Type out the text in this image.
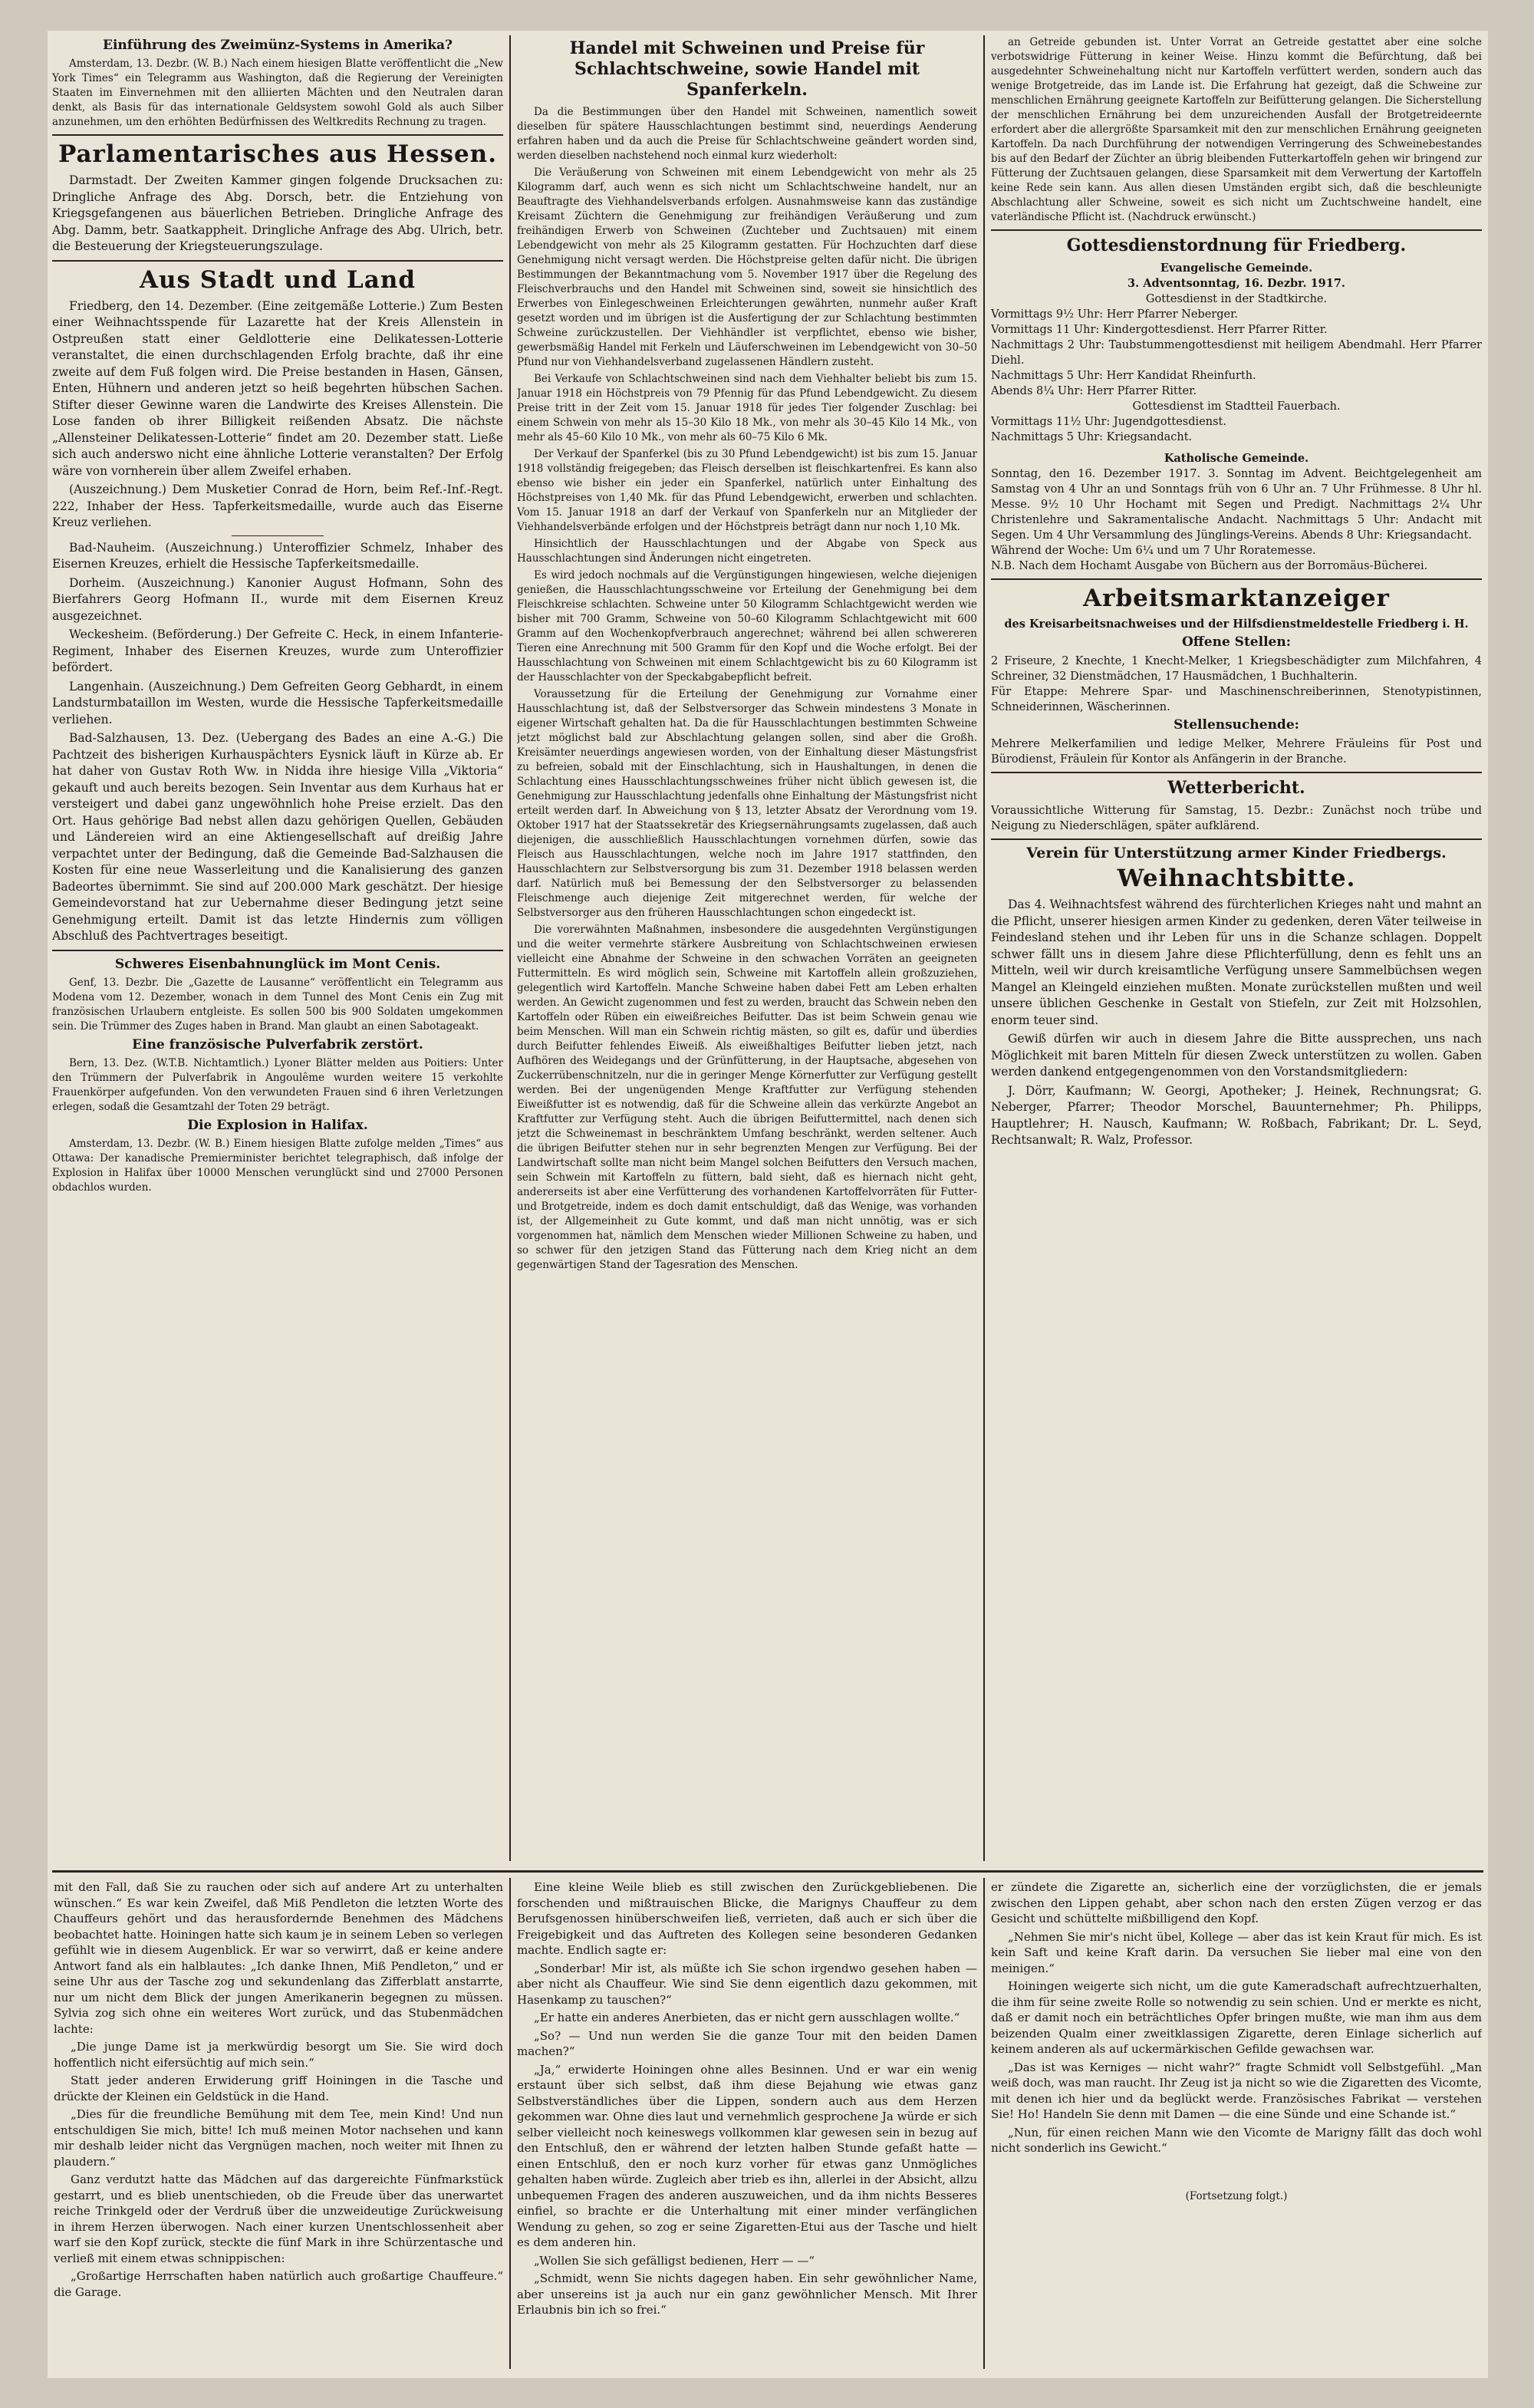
Einführung des Zweimünz-Systems in Amerika?

Amsterdam, 13. Dezbr. (W. B.) Nach einem hiesigen Blatte veröffentlicht die „New York Times“ ein Telegramm aus Washington, daß die Regierung der Vereinigten Staaten im Einvernehmen mit den alliierten Mächten und den Neutralen daran denkt, als Basis für das internationale Geldsystem sowohl Gold als auch Silber anzunehmen, um den erhöhten Bedürfnissen des Weltkredits Rechnung zu tragen.

Parlamentarisches aus Hessen.

Darmstadt. Der Zweiten Kammer gingen folgende Drucksachen zu: Dringliche Anfrage des Abg. Dorsch, betr. die Entziehung von Kriegsgefangenen aus bäuerlichen Betrieben. Dringliche Anfrage des Abg. Damm, betr. Saatkappheit. Dringliche Anfrage des Abg. Ulrich, betr. die Besteuerung der Kriegsteuerungszulage.

Aus Stadt und Land

Friedberg, den 14. Dezember. (Eine zeitgemäße Lotterie.) Zum Besten einer Weihnachtsspende für Lazarette hat der Kreis Allenstein in Ostpreußen statt einer Geldlotterie eine Delikatessen-Lotterie veranstaltet, die einen durchschlagenden Erfolg brachte, daß ihr eine zweite auf dem Fuß folgen wird. Die Preise bestanden in Hasen, Gänsen, Enten, Hühnern und anderen jetzt so heiß begehrten hübschen Sachen. Stifter dieser Gewinne waren die Landwirte des Kreises Allenstein. Die Lose fanden ob ihrer Billigkeit reißenden Absatz. Die nächste „Allensteiner Delikatessen-Lotterie“ findet am 20. Dezember statt. Ließe sich auch anderswo nicht eine ähnliche Lotterie veranstalten? Der Erfolg wäre von vornherein über allem Zweifel erhaben.

(Auszeichnung.) Dem Musketier Conrad de Horn, beim Ref.-Inf.-Regt. 222, Inhaber der Hess. Tapferkeitsmedaille, wurde auch das Eiserne Kreuz verliehen.

Bad-Nauheim. (Auszeichnung.) Unteroffizier Schmelz, Inhaber des Eisernen Kreuzes, erhielt die Hessische Tapferkeitsmedaille.

Dorheim. (Auszeichnung.) Kanonier August Hofmann, Sohn des Bierfahrers Georg Hofmann II., wurde mit dem Eisernen Kreuz ausgezeichnet.

Weckesheim. (Beförderung.) Der Gefreite C. Heck, in einem Infanterie-Regiment, Inhaber des Eisernen Kreuzes, wurde zum Unteroffizier befördert.

Langenhain. (Auszeichnung.) Dem Gefreiten Georg Gebhardt, in einem Landsturmbataillon im Westen, wurde die Hessische Tapferkeitsmedaille verliehen.

Bad-Salzhausen, 13. Dez. (Uebergang des Bades an eine A.-G.) Die Pachtzeit des bisherigen Kurhauspächters Eysnick läuft in Kürze ab. Er hat daher von Gustav Roth Ww. in Nidda ihre hiesige Villa „Viktoria“ gekauft und auch bereits bezogen. Sein Inventar aus dem Kurhaus hat er versteigert und dabei ganz ungewöhnlich hohe Preise erzielt. Das den Ort. Haus gehörige Bad nebst allen dazu gehörigen Quellen, Gebäuden und Ländereien wird an eine Aktiengesellschaft auf dreißig Jahre verpachtet unter der Bedingung, daß die Gemeinde Bad-Salzhausen die Kosten für eine neue Wasserleitung und die Kanalisierung des ganzen Badeortes übernimmt. Sie sind auf 200.000 Mark geschätzt. Der hiesige Gemeindevorstand hat zur Uebernahme dieser Bedingung jetzt seine Genehmigung erteilt. Damit ist das letzte Hindernis zum völligen Abschluß des Pachtvertrages beseitigt.

Schweres Eisenbahnunglück im Mont Cenis.

Genf, 13. Dezbr. Die „Gazette de Lausanne“ veröffentlicht ein Telegramm aus Modena vom 12. Dezember, wonach in dem Tunnel des Mont Cenis ein Zug mit französischen Urlaubern entgleiste. Es sollen 500 bis 900 Soldaten umgekommen sein. Die Trümmer des Zuges haben in Brand. Man glaubt an einen Sabotageakt.

Eine französische Pulverfabrik zerstört.

Bern, 13. Dez. (W.T.B. Nichtamtlich.) Lyoner Blätter melden aus Poitiers: Unter den Trümmern der Pulverfabrik in Angoulême wurden weitere 15 verkohlte Frauenkörper aufgefunden. Von den verwundeten Frauen sind 6 ihren Verletzungen erlegen, sodaß die Gesamtzahl der Toten 29 beträgt.

Die Explosion in Halifax.

Amsterdam, 13. Dezbr. (W. B.) Einem hiesigen Blatte zufolge melden „Times“ aus Ottawa: Der kanadische Premierminister berichtet telegraphisch, daß infolge der Explosion in Halifax über 10000 Menschen verunglückt sind und 27000 Personen obdachlos wurden.

Handel mit Schweinen und Preise für Schlachtschweine, sowie Handel mit Spanferkeln.

Da die Bestimmungen über den Handel mit Schweinen, namentlich soweit dieselben für spätere Hausschlachtungen bestimmt sind, neuerdings Aenderung erfahren haben und da auch die Preise für Schlachtschweine geändert worden sind, werden dieselben nachstehend noch einmal kurz wiederholt:

Die Veräußerung von Schweinen mit einem Lebendgewicht von mehr als 25 Kilogramm darf, auch wenn es sich nicht um Schlachtschweine handelt, nur an Beauftragte des Viehhandelsverbands erfolgen. Ausnahmsweise kann das zuständige Kreisamt Züchtern die Genehmigung zur freihändigen Veräußerung und zum freihändigen Erwerb von Schweinen (Zuchteber und Zuchtsauen) mit einem Lebendgewicht von mehr als 25 Kilogramm gestatten. Für Hochzuchten darf diese Genehmigung nicht versagt werden. Die Höchstpreise gelten dafür nicht. Die übrigen Bestimmungen der Bekanntmachung vom 5. November 1917 über die Regelung des Fleischverbrauchs und den Handel mit Schweinen sind, soweit sie hinsichtlich des Erwerbes von Einlegeschweinen Erleichterungen gewährten, nunmehr außer Kraft gesetzt worden und im übrigen ist die Ausfertigung der zur Schlachtung bestimmten Schweine zurückzustellen. Der Viehhändler ist verpflichtet, ebenso wie bisher, gewerbsmäßig Handel mit Ferkeln und Läuferschweinen im Lebendgewicht von 30–50 Pfund nur von Viehhandelsverband zugelassenen Händlern zusteht.

Bei Verkaufe von Schlachtschweinen sind nach dem Viehhalter beliebt bis zum 15. Januar 1918 ein Höchstpreis von 79 Pfennig für das Pfund Lebendgewicht. Zu diesem Preise tritt in der Zeit vom 15. Januar 1918 für jedes Tier folgender Zuschlag: bei einem Schwein von mehr als 15–30 Kilo 18 Mk., von mehr als 30–45 Kilo 14 Mk., von mehr als 45–60 Kilo 10 Mk., von mehr als 60–75 Kilo 6 Mk.

Der Verkauf der Spanferkel (bis zu 30 Pfund Lebendgewicht) ist bis zum 15. Januar 1918 vollständig freigegeben; das Fleisch derselben ist fleischkartenfrei. Es kann also ebenso wie bisher ein jeder ein Spanferkel, natürlich unter Einhaltung des Höchstpreises von 1,40 Mk. für das Pfund Lebendgewicht, erwerben und schlachten. Vom 15. Januar 1918 an darf der Verkauf von Spanferkeln nur an Mitglieder der Viehhandelsverbände erfolgen und der Höchstpreis beträgt dann nur noch 1,10 Mk.

Hinsichtlich der Hausschlachtungen und der Abgabe von Speck aus Hausschlachtungen sind Änderungen nicht eingetreten.

Es wird jedoch nochmals auf die Vergünstigungen hingewiesen, welche diejenigen genießen, die Hausschlachtungsschweine vor Erteilung der Genehmigung bei dem Fleischkreise schlachten. Schweine unter 50 Kilogramm Schlachtgewicht werden wie bisher mit 700 Gramm, Schweine von 50–60 Kilogramm Schlachtgewicht mit 600 Gramm auf den Wochenkopfverbrauch angerechnet; während bei allen schwereren Tieren eine Anrechnung mit 500 Gramm für den Kopf und die Woche erfolgt. Bei der Hausschlachtung von Schweinen mit einem Schlachtgewicht bis zu 60 Kilogramm ist der Hausschlachter von der Speckabgabepflicht befreit.

Voraussetzung für die Erteilung der Genehmigung zur Vornahme einer Hausschlachtung ist, daß der Selbstversorger das Schwein mindestens 3 Monate in eigener Wirtschaft gehalten hat. Da die für Hausschlachtungen bestimmten Schweine jetzt möglichst bald zur Abschlachtung gelangen sollen, sind aber die Großh. Kreisämter neuerdings angewiesen worden, von der Einhaltung dieser Mästungsfrist zu befreien, sobald mit der Einschlachtung, sich in Haushaltungen, in denen die Schlachtung eines Hausschlachtungsschweines früher nicht üblich gewesen ist, die Genehmigung zur Hausschlachtung jedenfalls ohne Einhaltung der Mästungsfrist nicht erteilt werden darf. In Abweichung von § 13, letzter Absatz der Verordnung vom 19. Oktober 1917 hat der Staatssekretär des Kriegsernährungsamts zugelassen, daß auch diejenigen, die ausschließlich Hausschlachtungen vornehmen dürfen, sowie das Fleisch aus Hausschlachtungen, welche noch im Jahre 1917 stattfinden, den Hausschlachtern zur Selbstversorgung bis zum 31. Dezember 1918 belassen werden darf. Natürlich muß bei Bemessung der den Selbstversorger zu belassenden Fleischmenge auch diejenige Zeit mitgerechnet werden, für welche der Selbstversorger aus den früheren Hausschlachtungen schon eingedeckt ist.

Die vorerwähnten Maßnahmen, insbesondere die ausgedehnten Vergünstigungen und die weiter vermehrte stärkere Ausbreitung von Schlachtschweinen erwiesen vielleicht eine Abnahme der Schweine in den schwachen Vorräten an geeigneten Futtermitteln. Es wird möglich sein, Schweine mit Kartoffeln allein großzuziehen, gelegentlich wird Kartoffeln. Manche Schweine haben dabei Fett am Leben erhalten werden. An Gewicht zugenommen und fest zu werden, braucht das Schwein neben den Kartoffeln oder Rüben ein eiweißreiches Beifutter. Das ist beim Schwein genau wie beim Menschen. Will man ein Schwein richtig mästen, so gilt es, dafür und überdies durch Beifutter fehlendes Eiweiß. Als eiweißhaltiges Beifutter lieben jetzt, nach Aufhören des Weidegangs und der Grünfütterung, in der Hauptsache, abgesehen von Zuckerrübenschnitzeln, nur die in geringer Menge Körnerfutter zur Verfügung gestellt werden. Bei der ungenügenden Menge Kraftfutter zur Verfügung stehenden Eiweißfutter ist es notwendig, daß für die Schweine allein das verkürzte Angebot an Kraftfutter zur Verfügung steht. Auch die übrigen Beifuttermittel, nach denen sich jetzt die Schweinemast in beschränktem Umfang beschränkt, werden seltener. Auch die übrigen Beifutter stehen nur in sehr begrenzten Mengen zur Verfügung. Bei der Landwirtschaft sollte man nicht beim Mangel solchen Beifutters den Versuch machen, sein Schwein mit Kartoffeln zu füttern, bald sieht, daß es hiernach nicht geht, andererseits ist aber eine Verfütterung des vorhandenen Kartoffelvorräten für Futter- und Brotgetreide, indem es doch damit entschuldigt, daß das Wenige, was vorhanden ist, der Allgemeinheit zu Gute kommt, und daß man nicht unnötig, was er sich vorgenommen hat, nämlich dem Menschen wieder Millionen Schweine zu haben, und so schwer für den jetzigen Stand das Fütterung nach dem Krieg nicht an dem gegenwärtigen Stand der Tagesration des Menschen.

an Getreide gebunden ist. Unter Vorrat an Getreide gestattet aber eine solche verbotswidrige Fütterung in keiner Weise. Hinzu kommt die Befürchtung, daß bei ausgedehnter Schweinehaltung nicht nur Kartoffeln verfüttert werden, sondern auch das wenige Brotgetreide, das im Lande ist. Die Erfahrung hat gezeigt, daß die Schweine zur menschlichen Ernährung geeignete Kartoffeln zur Beifütterung gelangen. Die Sicherstellung der menschlichen Ernährung bei dem unzureichenden Ausfall der Brotgetreideernte erfordert aber die allergrößte Sparsamkeit mit den zur menschlichen Ernährung geeigneten Kartoffeln. Da nach Durchführung der notwendigen Verringerung des Schweinebestandes bis auf den Bedarf der Züchter an übrig bleibenden Futterkartoffeln gehen wir bringend zur Fütterung der Zuchtsauen gelangen, diese Sparsamkeit mit dem Verwertung der Kartoffeln keine Rede sein kann. Aus allen diesen Umständen ergibt sich, daß die beschleunigte Abschlachtung aller Schweine, soweit es sich nicht um Zuchtschweine handelt, eine vaterländische Pflicht ist. (Nachdruck erwünscht.)

Gottesdienstordnung für Friedberg.
Evangelische Gemeinde.
3. Adventsonntag, 16. Dezbr. 1917.
Gottesdienst in der Stadtkirche.
Vormittags 9½ Uhr: Herr Pfarrer Neberger.
Vormittags 11 Uhr: Kindergottesdienst. Herr Pfarrer Ritter.
Nachmittags 2 Uhr: Taubstummengottesdienst mit heiligem Abendmahl. Herr Pfarrer Diehl.
Nachmittags 5 Uhr: Herr Kandidat Rheinfurth.
Abends 8¼ Uhr: Herr Pfarrer Ritter.
Gottesdienst im Stadtteil Fauerbach.
Vormittags 11½ Uhr: Jugendgottesdienst.
Nachmittags 5 Uhr: Kriegsandacht.
Katholische Gemeinde.
Sonntag, den 16. Dezember 1917. 3. Sonntag im Advent. Beichtgelegenheit am Samstag von 4 Uhr an und Sonntags früh von 6 Uhr an. 7 Uhr Frühmesse. 8 Uhr hl. Messe. 9½ 10 Uhr Hochamt mit Segen und Predigt. Nachmittags 2¼ Uhr Christenlehre und Sakramentalische Andacht. Nachmittags 5 Uhr: Andacht mit Segen. Um 4 Uhr Versammlung des Jünglings-Vereins. Abends 8 Uhr: Kriegsandacht.
Während der Woche: Um 6¼ und um 7 Uhr Roratemesse.
N.B. Nach dem Hochamt Ausgabe von Büchern aus der Borromäus-Bücherei.
Arbeitsmarktanzeiger
des Kreisarbeitsnachweises und der Hilfsdienstmeldestelle Friedberg i. H.
Offene Stellen:
2 Friseure, 2 Knechte, 1 Knecht-Melker, 1 Kriegsbeschädigter zum Milchfahren, 4 Schreiner, 32 Dienstmädchen, 17 Hausmädchen, 1 Buchhalterin.
Für Etappe: Mehrere Spar- und Maschinenschreiberinnen, Stenotypistinnen, Schneiderinnen, Wäscherinnen.
Stellensuchende:
Mehrere Melkerfamilien und ledige Melker, Mehrere Fräuleins für Post und Bürodienst, Fräulein für Kontor als Anfängerin in der Branche.
Wetterbericht.
Voraussichtliche Witterung für Samstag, 15. Dezbr.: Zunächst noch trübe und Neigung zu Niederschlägen, später aufklärend.
Verein für Unterstützung armer Kinder Friedbergs.
Weihnachtsbitte.

Das 4. Weihnachtsfest während des fürchterlichen Krieges naht und mahnt an die Pflicht, unserer hiesigen armen Kinder zu gedenken, deren Väter teilweise in Feindesland stehen und ihr Leben für uns in die Schanze schlagen. Doppelt schwer fällt uns in diesem Jahre diese Pflichterfüllung, denn es fehlt uns an Mitteln, weil wir durch kreisamtliche Verfügung unsere Sammelbüchsen wegen Mangel an Kleingeld einziehen mußten. Monate zurückstellen mußten und weil unsere üblichen Geschenke in Gestalt von Stiefeln, zur Zeit mit Holzsohlen, enorm teuer sind.

Gewiß dürfen wir auch in diesem Jahre die Bitte aussprechen, uns nach Möglichkeit mit baren Mitteln für diesen Zweck unterstützen zu wollen. Gaben werden dankend entgegengenommen von den Vorstandsmitgliedern:

J. Dörr, Kaufmann; W. Georgi, Apotheker; J. Heinek, Rechnungsrat; G. Neberger, Pfarrer; Theodor Morschel, Bauunternehmer; Ph. Philipps, Hauptlehrer; H. Nausch, Kaufmann; W. Roßbach, Fabrikant; Dr. L. Seyd, Rechtsanwalt; R. Walz, Professor.

mit den Fall, daß Sie zu rauchen oder sich auf andere Art zu unterhalten wünschen.“ Es war kein Zweifel, daß Miß Pendleton die letzten Worte des Chauffeurs gehört und das herausfordernde Benehmen des Mädchens beobachtet hatte. Hoiningen hatte sich kaum je in seinem Leben so verlegen gefühlt wie in diesem Augenblick. Er war so verwirrt, daß er keine andere Antwort fand als ein halblautes: „Ich danke Ihnen, Miß Pendleton,“ und er seine Uhr aus der Tasche zog und sekundenlang das Zifferblatt anstarrte, nur um nicht dem Blick der jungen Amerikanerin begegnen zu müssen. Sylvia zog sich ohne ein weiteres Wort zurück, und das Stubenmädchen lachte:

„Die junge Dame ist ja merkwürdig besorgt um Sie. Sie wird doch hoffentlich nicht eifersüchtig auf mich sein.“

Statt jeder anderen Erwiderung griff Hoiningen in die Tasche und drückte der Kleinen ein Geldstück in die Hand.

„Dies für die freundliche Bemühung mit dem Tee, mein Kind! Und nun entschuldigen Sie mich, bitte! Ich muß meinen Motor nachsehen und kann mir deshalb leider nicht das Vergnügen machen, noch weiter mit Ihnen zu plaudern.“

Ganz verdutzt hatte das Mädchen auf das dargereichte Fünfmarkstück gestarrt, und es blieb unentschieden, ob die Freude über das unerwartet reiche Trinkgeld oder der Verdruß über die unzweideutige Zurückweisung in ihrem Herzen überwogen. Nach einer kurzen Unentschlossenheit aber warf sie den Kopf zurück, steckte die fünf Mark in ihre Schürzentasche und verließ mit einem etwas schnippischen:

„Großartige Herrschaften haben natürlich auch großartige Chauffeure.“ die Garage.

Eine kleine Weile blieb es still zwischen den Zurückgebliebenen. Die forschenden und mißtrauischen Blicke, die Marignys Chauffeur zu dem Berufsgenossen hinüberschweifen ließ, verrieten, daß auch er sich über die Freigebigkeit und das Auftreten des Kollegen seine besonderen Gedanken machte. Endlich sagte er:

„Sonderbar! Mir ist, als müßte ich Sie schon irgendwo gesehen haben — aber nicht als Chauffeur. Wie sind Sie denn eigentlich dazu gekommen, mit Hasenkamp zu tauschen?“

„Er hatte ein anderes Anerbieten, das er nicht gern ausschlagen wollte.“

„So? — Und nun werden Sie die ganze Tour mit den beiden Damen machen?“

„Ja,“ erwiderte Hoiningen ohne alles Besinnen. Und er war ein wenig erstaunt über sich selbst, daß ihm diese Bejahung wie etwas ganz Selbstverständliches über die Lippen, sondern auch aus dem Herzen gekommen war. Ohne dies laut und vernehmlich gesprochene Ja würde er sich selber vielleicht noch keineswegs vollkommen klar gewesen sein in bezug auf den Entschluß, den er während der letzten halben Stunde gefaßt hatte — einen Entschluß, den er noch kurz vorher für etwas ganz Unmögliches gehalten haben würde. Zugleich aber trieb es ihn, allerlei in der Absicht, allzu unbequemen Fragen des anderen auszuweichen, und da ihm nichts Besseres einfiel, so brachte er die Unterhaltung mit einer minder verfänglichen Wendung zu gehen, so zog er seine Zigaretten-Etui aus der Tasche und hielt es dem anderen hin.

„Wollen Sie sich gefälligst bedienen, Herr — —“

„Schmidt, wenn Sie nichts dagegen haben. Ein sehr gewöhnlicher Name, aber unsereins ist ja auch nur ein ganz gewöhnlicher Mensch. Mit Ihrer Erlaubnis bin ich so frei.“

er zündete die Zigarette an, sicherlich eine der vorzüglichsten, die er jemals zwischen den Lippen gehabt, aber schon nach den ersten Zügen verzog er das Gesicht und schüttelte mißbilligend den Kopf.

„Nehmen Sie mir's nicht übel, Kollege — aber das ist kein Kraut für mich. Es ist kein Saft und keine Kraft darin. Da versuchen Sie lieber mal eine von den meinigen.“

Hoiningen weigerte sich nicht, um die gute Kameradschaft aufrechtzuerhalten, die ihm für seine zweite Rolle so notwendig zu sein schien. Und er merkte es nicht, daß er damit noch ein beträchtliches Opfer bringen mußte, wie man ihm aus dem beizenden Qualm einer zweitklassigen Zigarette, deren Einlage sicherlich auf keinem anderen als auf uckermärkischen Gefilde gewachsen war.

„Das ist was Kerniges — nicht wahr?“ fragte Schmidt voll Selbstgefühl. „Man weiß doch, was man raucht. Ihr Zeug ist ja nicht so wie die Zigaretten des Vicomte, mit denen ich hier und da beglückt werde. Französisches Fabrikat — verstehen Sie! Ho! Handeln Sie denn mit Damen — die eine Sünde und eine Schande ist.“

„Nun, für einen reichen Mann wie den Vicomte de Marigny fällt das doch wohl nicht sonderlich ins Gewicht.“

(Fortsetzung folgt.)
